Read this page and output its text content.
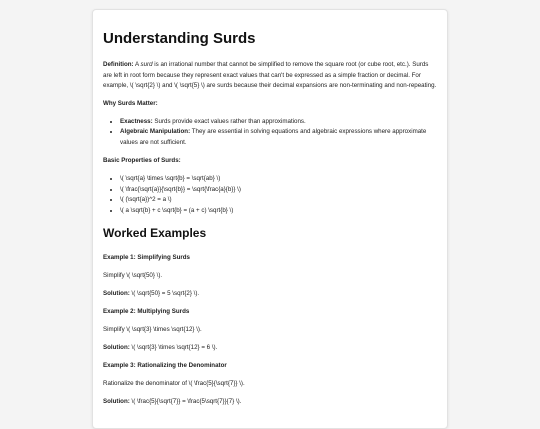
Understanding Surds

Definition: A surd is an irrational number that cannot be simplified to remove the square root (or cube root, etc.). Surds are left in root form because they represent exact values that can't be expressed as a simple fraction or decimal. For example, \( \sqrt{2} \) and \( \sqrt{5} \) are surds because their decimal expansions are non-terminating and non-repeating.

Why Surds Matter:
• Exactness: Surds provide exact values rather than approximations.
• Algebraic Manipulation: They are essential in solving equations and algebraic expressions where approximate values are not sufficient.
Basic Properties of Surds:
• \( \sqrt{a} \times \sqrt{b} = \sqrt{ab} \)
• \( \frac{\sqrt{a}}{\sqrt{b}} = \sqrt{\frac{a}{b}} \)
• \( (\sqrt{a})^2 = a \)
• \( a \sqrt{b} + c \sqrt{b} = (a + c) \sqrt{b} \)
Worked Examples
Example 1: Simplifying Surds
Simplify \( \sqrt{50} \).
Solution: \( \sqrt{50} = 5 \sqrt{2} \).
Example 2: Multiplying Surds
Simplify \( \sqrt{3} \times \sqrt{12} \).
Solution: \( \sqrt{3} \times \sqrt{12} = 6 \).
Example 3: Rationalizing the Denominator
Rationalize the denominator of \( \frac{5}{\sqrt{7}} \).
Solution: \( \frac{5}{\sqrt{7}} = \frac{5\sqrt{7}}{7} \).
